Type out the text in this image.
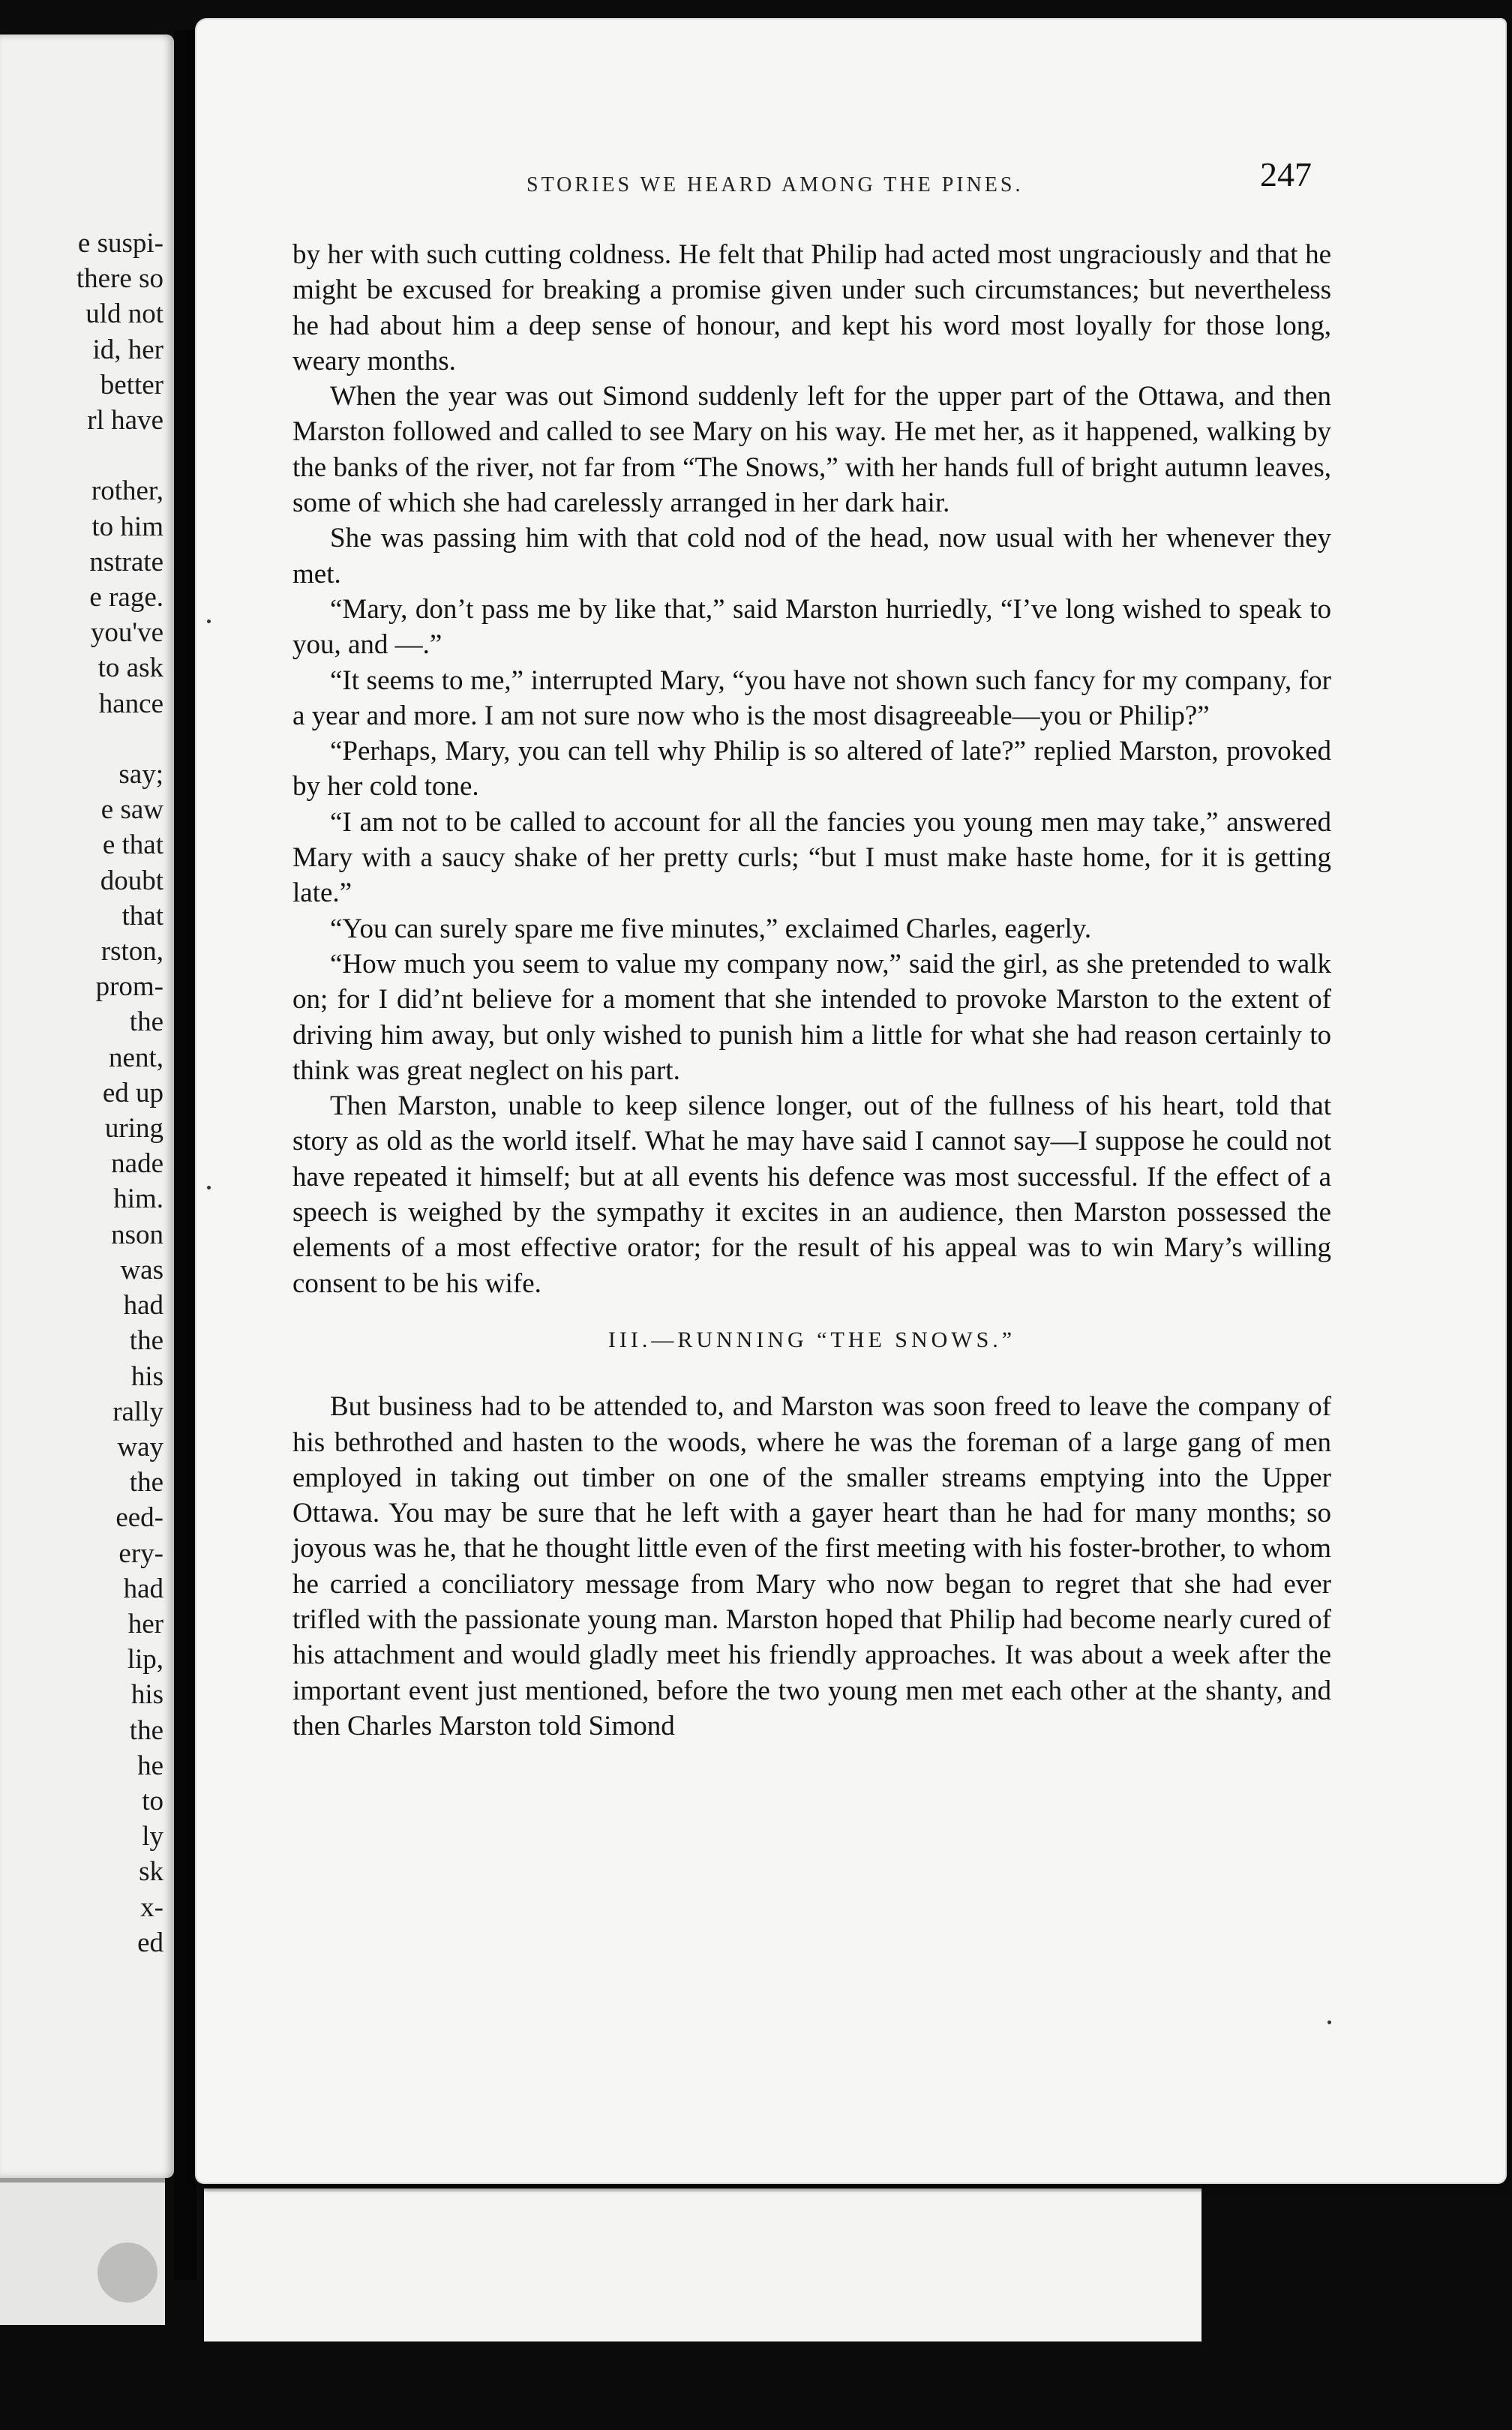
e suspi-
there so
uld not
id, her
better
rl have

rother,
to him
nstrate
e rage.
you've
to ask
hance

say;
e saw
e that
doubt
that
rston,
prom-
the
nent,
ed up
uring
nade
him.
nson
was
had
the
his
rally
way
the
eed-
ery-
had
her
lip,
his
the
he
to
ly
sk
x-
ed
STORIES WE HEARD AMONG THE PINES.	247

by her with such cutting coldness. He felt that Philip had acted most ungraciously and that he might be excused for breaking a promise given under such circumstances; but nevertheless he had about him a deep sense of honour, and kept his word most loyally for those long, weary months.

When the year was out Simond suddenly left for the upper part of the Ottawa, and then Marston followed and called to see Mary on his way. He met her, as it happened, walking by the banks of the river, not far from “The Snows,” with her hands full of bright autumn leaves, some of which she had carelessly arranged in her dark hair.

She was passing him with that cold nod of the head, now usual with her whenever they met.

“Mary, don’t pass me by like that,” said Marston hurriedly, “I’ve long wished to speak to you, and —.”

“It seems to me,” interrupted Mary, “you have not shown such fancy for my company, for a year and more. I am not sure now who is the most disagreeable—you or Philip?”

“Perhaps, Mary, you can tell why Philip is so altered of late?” replied Marston, provoked by her cold tone.

“I am not to be called to account for all the fancies you young men may take,” answered Mary with a saucy shake of her pretty curls; “but I must make haste home, for it is getting late.”

“You can surely spare me five minutes,” exclaimed Charles, eagerly.

“How much you seem to value my company now,” said the girl, as she pretended to walk on; for I did’nt believe for a moment that she intended to provoke Marston to the extent of driving him away, but only wished to punish him a little for what she had reason certainly to think was great neglect on his part.

Then Marston, unable to keep silence longer, out of the fullness of his heart, told that story as old as the world itself. What he may have said I cannot say—I suppose he could not have repeated it himself; but at all events his defence was most successful. If the effect of a speech is weighed by the sympathy it excites in an audience, then Marston possessed the elements of a most effective orator; for the result of his appeal was to win Mary’s willing consent to be his wife.

III.—RUNNING “THE SNOWS.”

But business had to be attended to, and Marston was soon freed to leave the company of his bethrothed and hasten to the woods, where he was the foreman of a large gang of men employed in taking out timber on one of the smaller streams emptying into the Upper Ottawa. You may be sure that he left with a gayer heart than he had for many months; so joyous was he, that he thought little even of the first meeting with his foster-brother, to whom he carried a conciliatory message from Mary who now began to regret that she had ever trifled with the passionate young man. Marston hoped that Philip had become nearly cured of his attachment and would gladly meet his friendly approaches. It was about a week after the important event just mentioned, before the two young men met each other at the shanty, and then Charles Marston told Simond
